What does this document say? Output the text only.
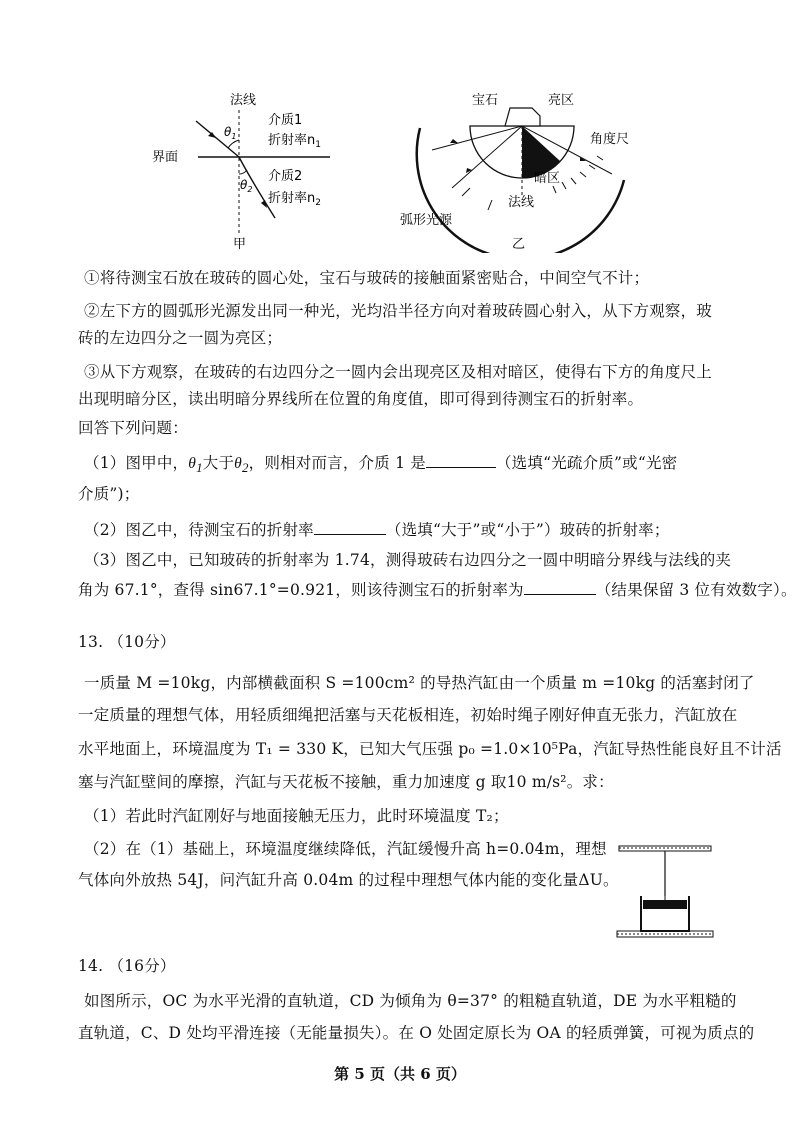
法线
介质1
折射率$n_1$
界面
$\theta_1$
介质2
$\theta_2$
折射率$n_2$
甲
宝石	亮区
角度尺
暗区
法线
弧形光源
乙
①将待测宝石放在玻砖的圆心处，宝石与玻砖的接触面紧密贴合，中间空气不计；
②左下方的圆弧形光源发出同一种光，光均沿半径方向对着玻砖圆心射入，从下方观察，玻
砖的左边四分之一圆为亮区；
③从下方观察，在玻砖的右边四分之一圆内会出现亮区及相对暗区，使得右下方的角度尺上
出现明暗分区，读出明暗分界线所在位置的角度值，即可得到待测宝石的折射率。
回答下列问题：
（1）图甲中，$\theta_1$大于$\theta_2$，则相对而言，介质 1 是	（选填“光疏介质”或“光密
介质”)；
（2）图乙中，待测宝石的折射率	（选填“大于”或“小于”）玻砖的折射率；
（3）图乙中，已知玻砖的折射率为 1.74，测得玻砖右边四分之一圆中明暗分界线与法线的夹
角为 67.1°，查得 sin67.1°=0.921，则该待测宝石的折射率为	（结果保留 3 位有效数字）。
13. （10分）
一质量 M =10kg，内部横截面积 S =100cm² 的导热汽缸由一个质量 m =10kg 的活塞封闭了
一定质量的理想气体，用轻质细绳把活塞与天花板相连，初始时绳子刚好伸直无张力，汽缸放在
水平地面上，环境温度为 T₁ = 330 K，已知大气压强 p₀ =1.0×10⁵Pa，汽缸导热性能良好且不计活
塞与汽缸壁间的摩擦，汽缸与天花板不接触，重力加速度 g 取10 m/s²。求：
（1）若此时汽缸刚好与地面接触无压力，此时环境温度 T₂；
（2）在（1）基础上，环境温度继续降低，汽缸缓慢升高 h=0.04m，理想
气体向外放热 54J，问汽缸升高 0.04m 的过程中理想气体内能的变化量ΔU。
14. （16分）
如图所示，OC 为水平光滑的直轨道，CD 为倾角为 θ=37° 的粗糙直轨道，DE 为水平粗糙的
直轨道，C、D 处均平滑连接（无能量损失）。在 O 处固定原长为 OA 的轻质弹簧，可视为质点的
第 5 页（共 6 页）
